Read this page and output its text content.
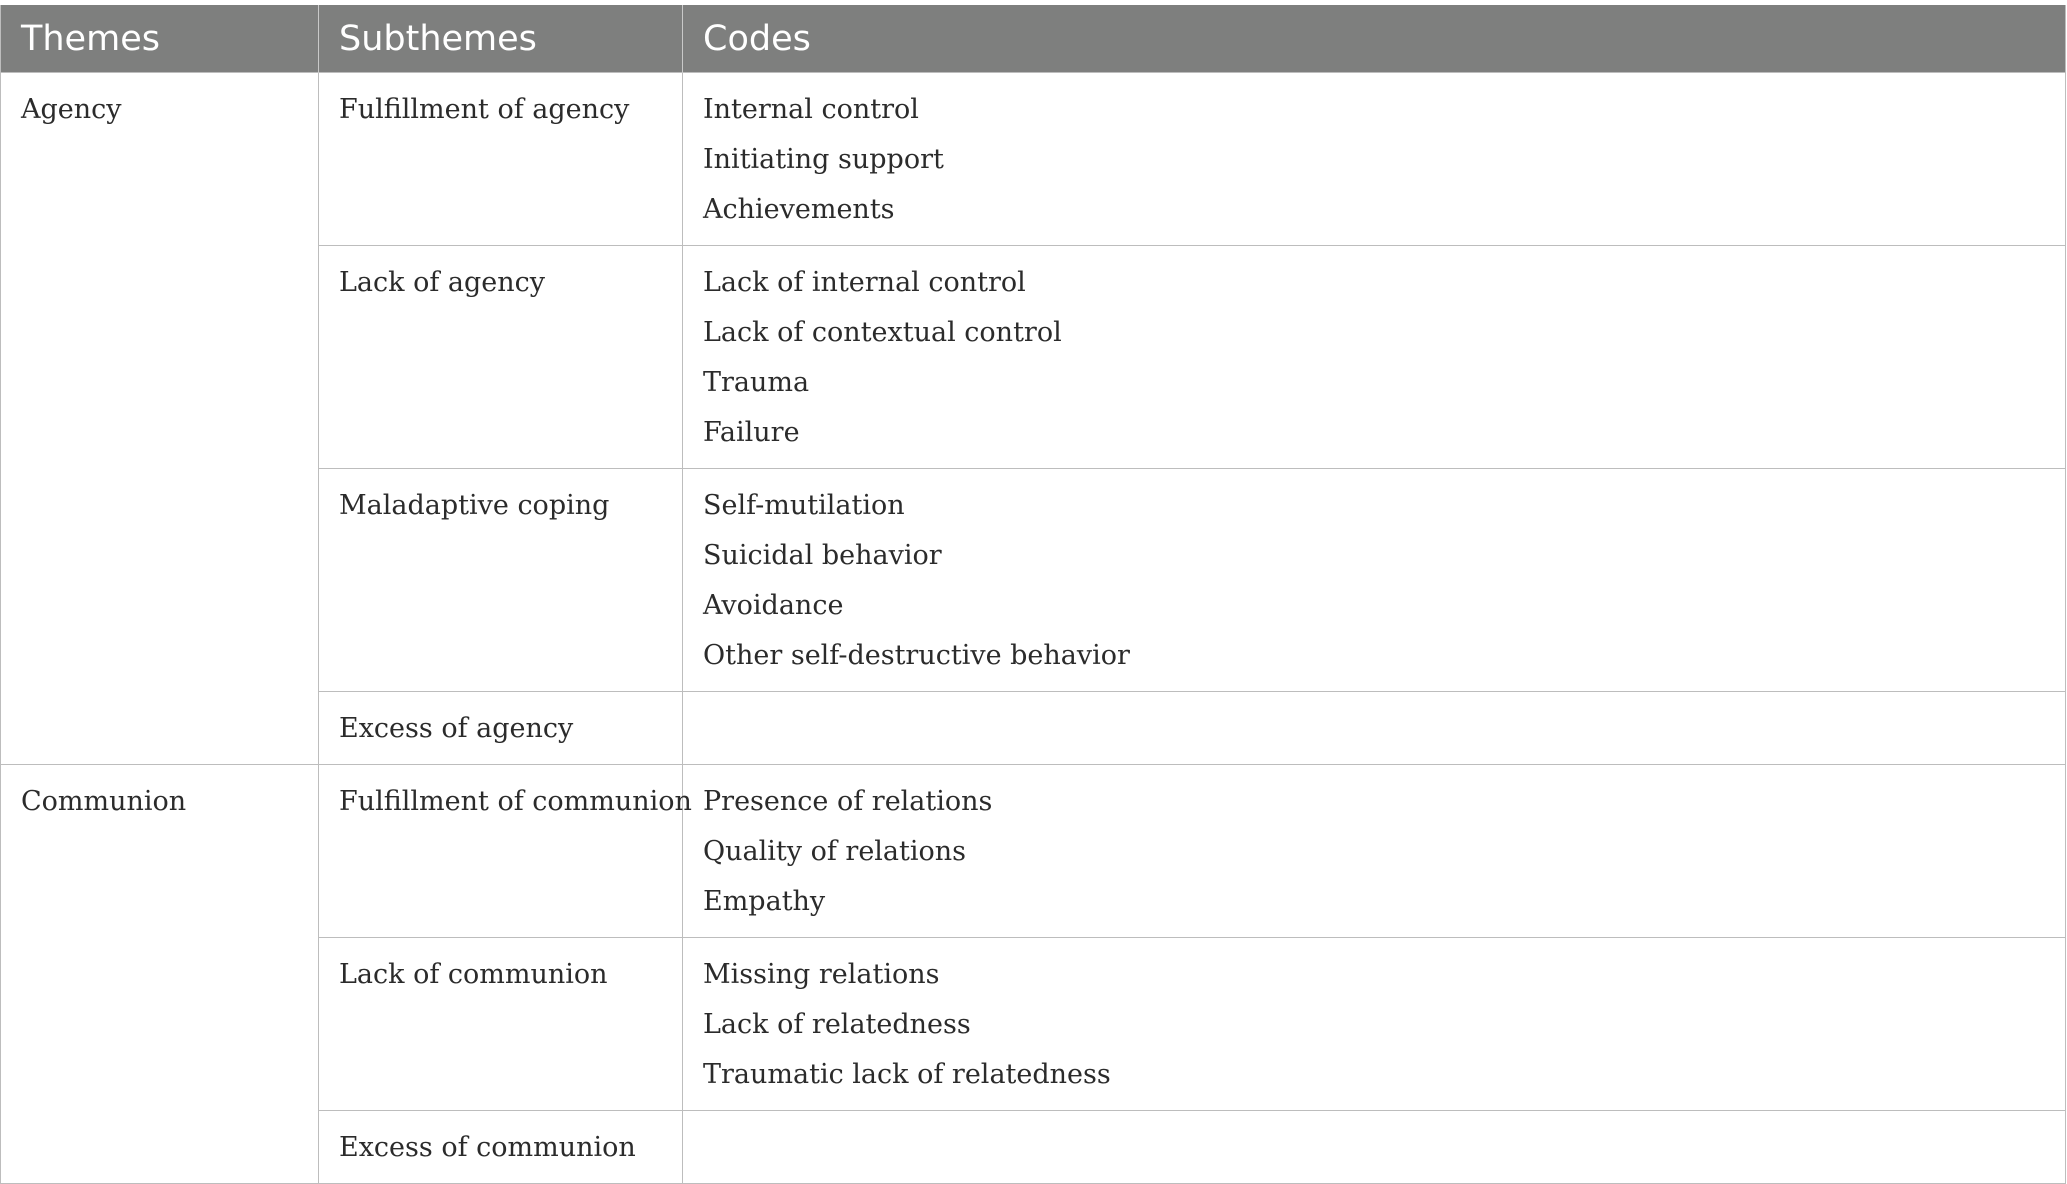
Themes	Subthemes	Codes

Agency	Fulfillment of agency	Internal control
Initiating support
Achievements

	Lack of agency	Lack of internal control
Lack of contextual control
Trauma
Failure

	Maladaptive coping	Self-mutilation
Suicidal behavior
Avoidance
Other self-destructive behavior

	Excess of agency	

Communion	Fulfillment of communion	Presence of relations
Quality of relations
Empathy

	Lack of communion	Missing relations
Lack of relatedness
Traumatic lack of relatedness

	Excess of communion	
